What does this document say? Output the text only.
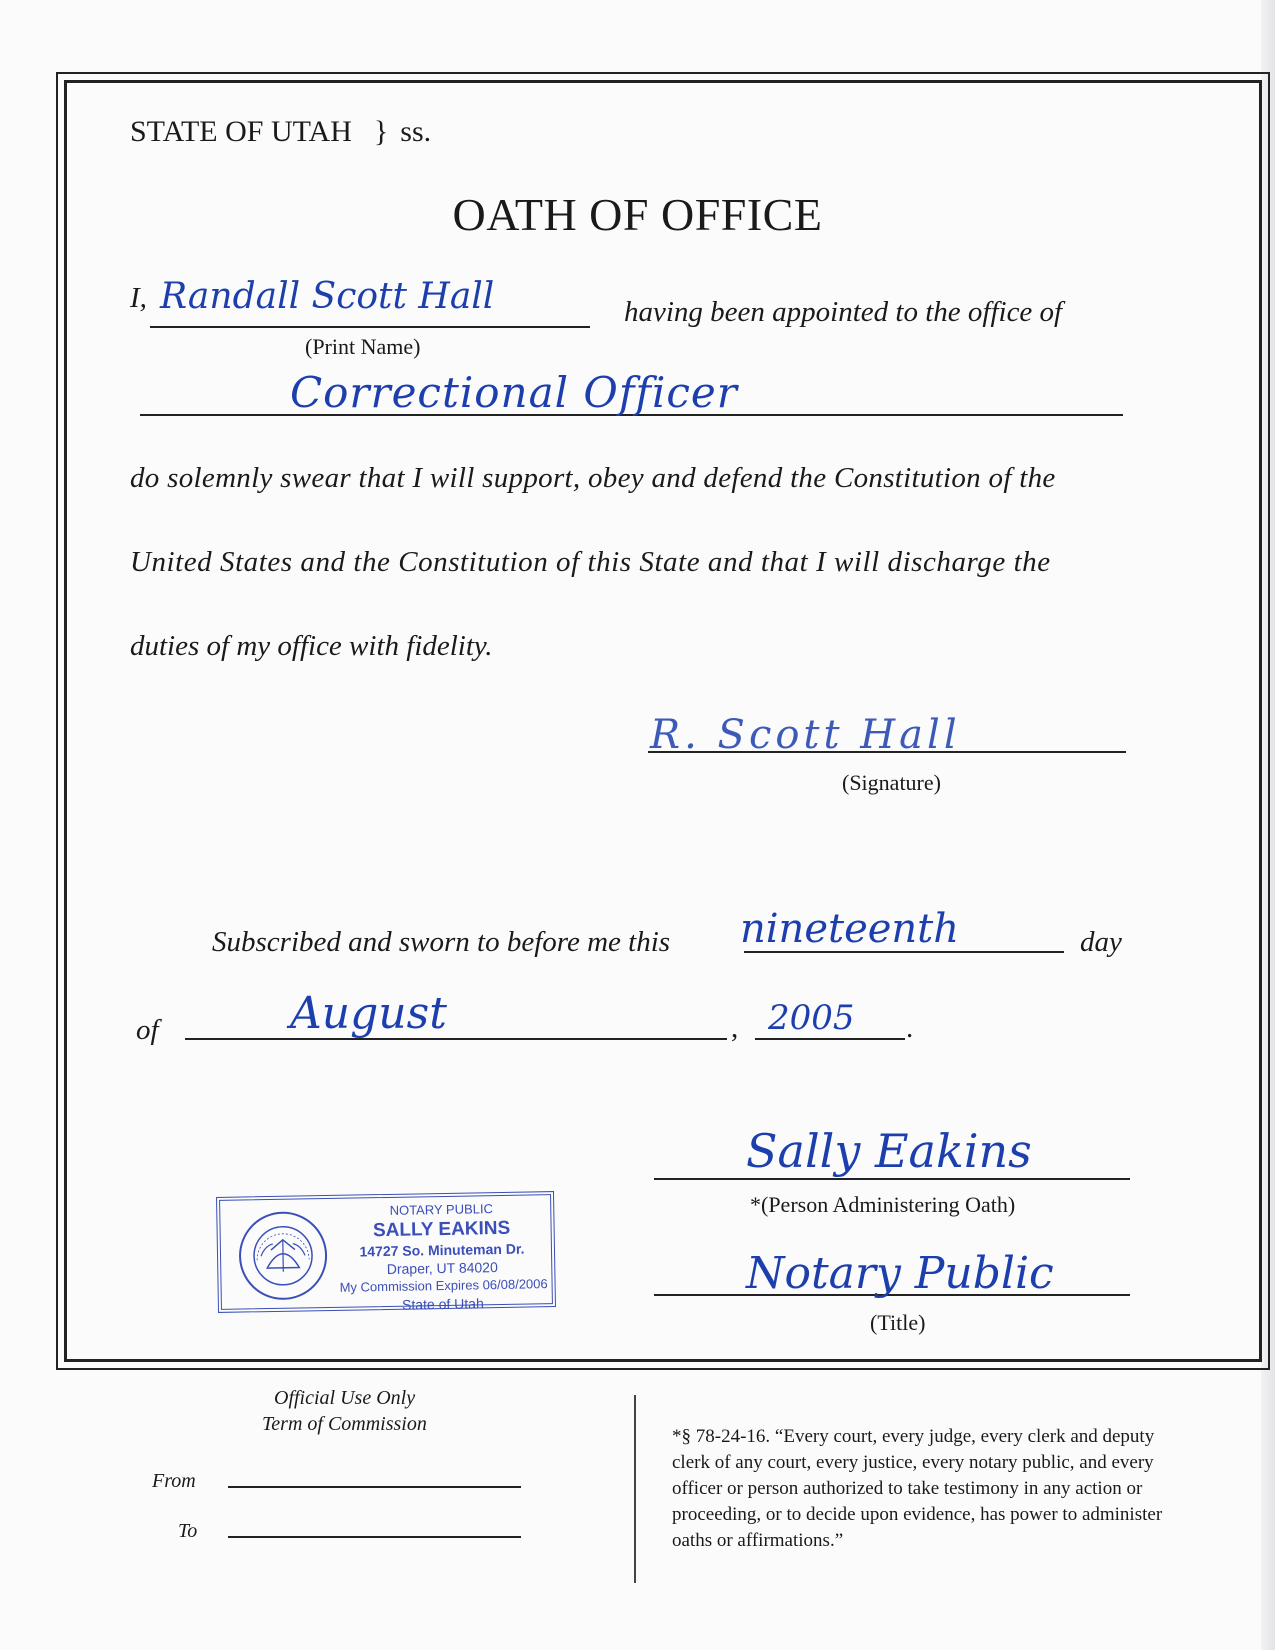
STATE OF UTAH } ss.
OATH OF OFFICE
I, Randall Scott Hall
(Print Name)
having been appointed to the office of
Correctional Officer
do solemnly swear that I will support, obey and defend the Constitution of the
United States and the Constitution of this State and that I will discharge the
duties of my office with fidelity.
R. Scott Hall
(Signature)
Subscribed and sworn to before me this nineteenth	day
of	August	, 2005 .
Sally Eakins
*(Person Administering Oath)
Notary Public
(Title)
NOTARY PUBLIC
SALLY EAKINS
14727 So. Minuteman Dr.
Draper, UT 84020
My Commission Expires 06/08/2006
State of Utah
Official Use Only
Term of Commission
From
To
*§ 78-24-16. “Every court, every judge, every clerk and deputy clerk of any court, every justice, every notary public, and every officer or person authorized to take testimony in any action or proceeding, or to decide upon evidence, has power to administer oaths or affirmations.”
